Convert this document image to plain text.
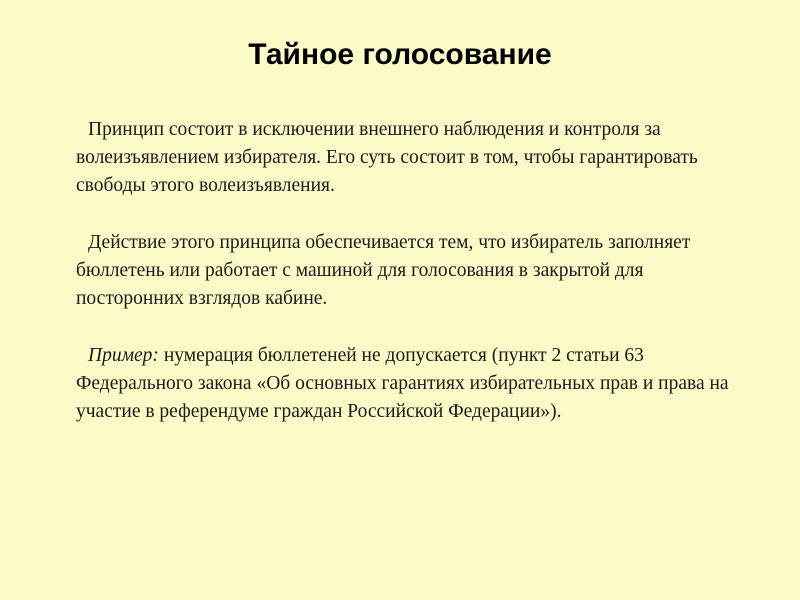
Тайное голосование

Принцип состоит в исключении внешнего наблюдения и контроля за волеизъявлением избирателя. Его суть состоит в том, чтобы гарантировать свободы этого волеизъявления.

Действие этого принципа обеспечивается тем, что избиратель заполняет бюллетень или работает с машиной для голосования в закрытой для посторонних взглядов кабине.

Пример: нумерация бюллетеней не допускается (пункт 2 статьи 63 Федерального закона «Об основных гарантиях избирательных прав и права на участие в референдуме граждан Российской Федерации»).
